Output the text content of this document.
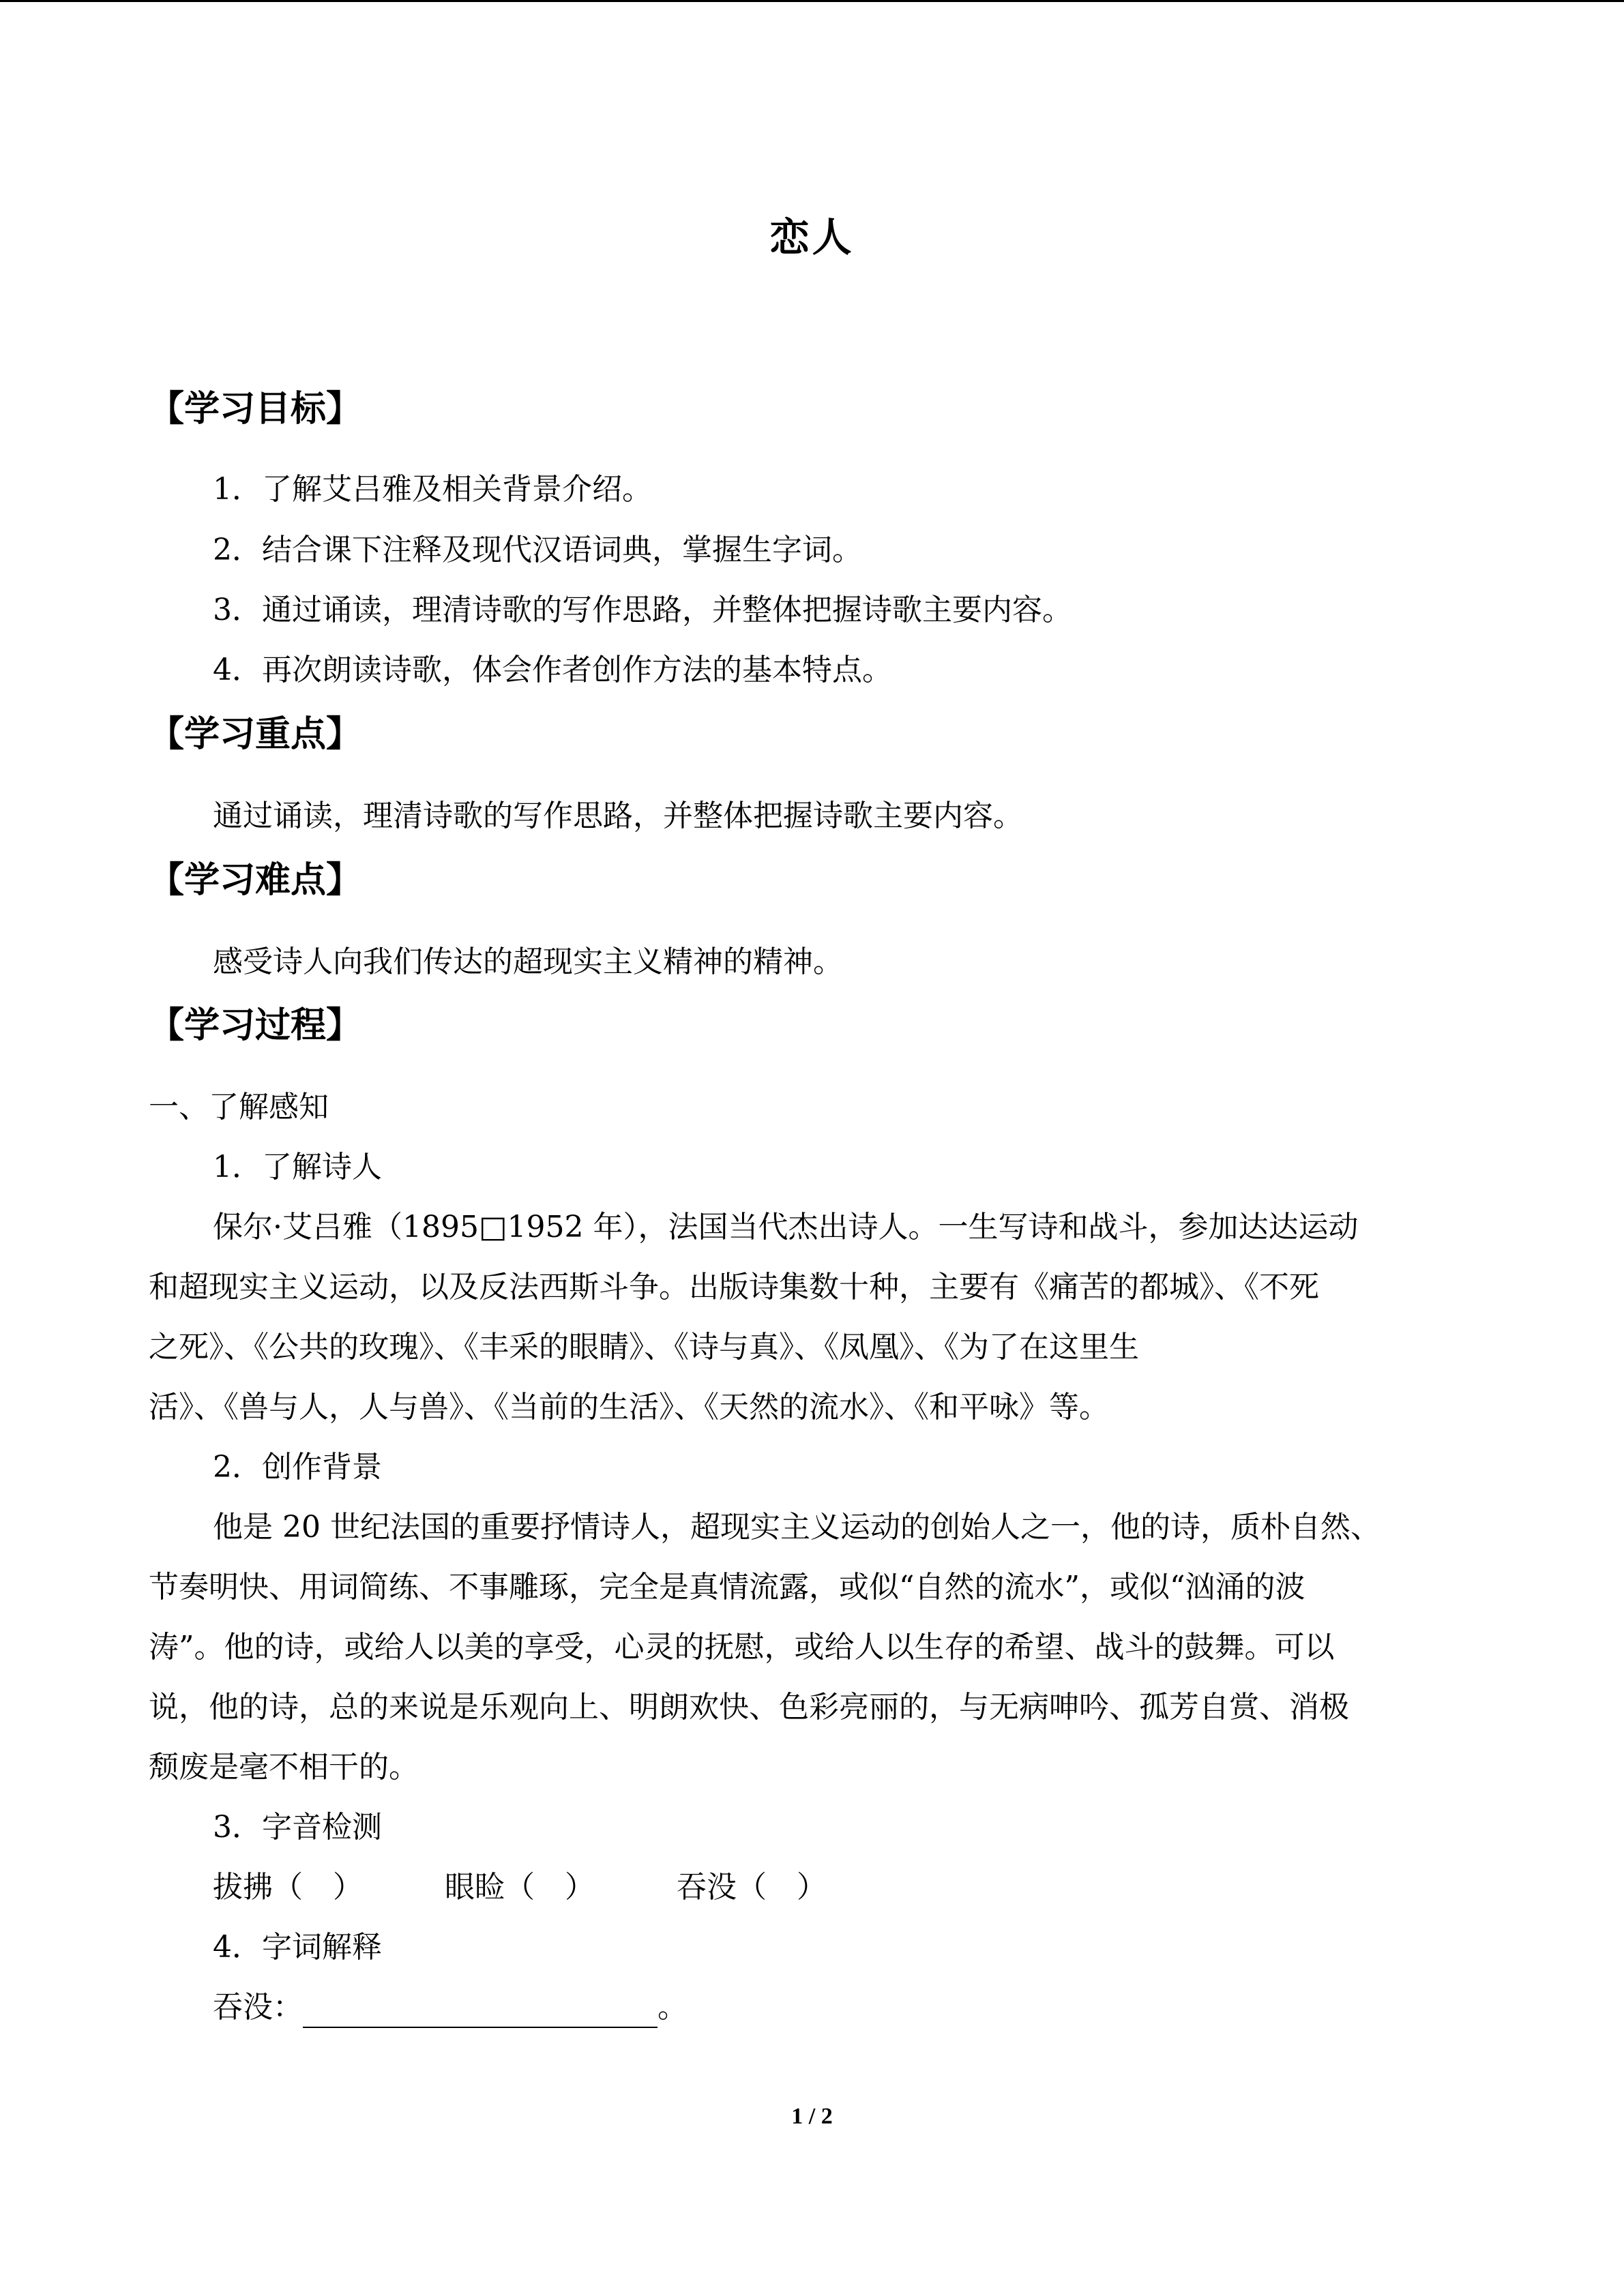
恋人
【学习目标】
1．了解艾吕雅及相关背景介绍。
2．结合课下注释及现代汉语词典，掌握生字词。
3．通过诵读，理清诗歌的写作思路，并整体把握诗歌主要内容。
4．再次朗读诗歌，体会作者创作方法的基本特点。
【学习重点】
通过诵读，理清诗歌的写作思路，并整体把握诗歌主要内容。
【学习难点】
感受诗人向我们传达的超现实主义精神的精神。
【学习过程】
一、了解感知
1．了解诗人
保尔·艾吕雅（1895□1952 年），法国当代杰出诗人。一生写诗和战斗，参加达达运动
和超现实主义运动，以及反法西斯斗争。出版诗集数十种，主要有《痛苦的都城》、《不死
之死》、《公共的玫瑰》、《丰采的眼睛》、《诗与真》、《凤凰》、《为了在这里生
活》、《兽与人，人与兽》、《当前的生活》、《天然的流水》、《和平咏》等。
2．创作背景
他是 20 世纪法国的重要抒情诗人，超现实主义运动的创始人之一，他的诗，质朴自然、
节奏明快、用词简练、不事雕琢，完全是真情流露，或似“自然的流水”，或似“汹涌的波
涛”。他的诗，或给人以美的享受，心灵的抚慰，或给人以生存的希望、战斗的鼓舞。可以
说，他的诗，总的来说是乐观向上、明朗欢快、色彩亮丽的，与无病呻吟、孤芳自赏、消极
颓废是毫不相干的。
3．字音检测
拔拂（　）	眼睑（　）	吞没（　）
4．字词解释
吞没：	。
1 / 2
